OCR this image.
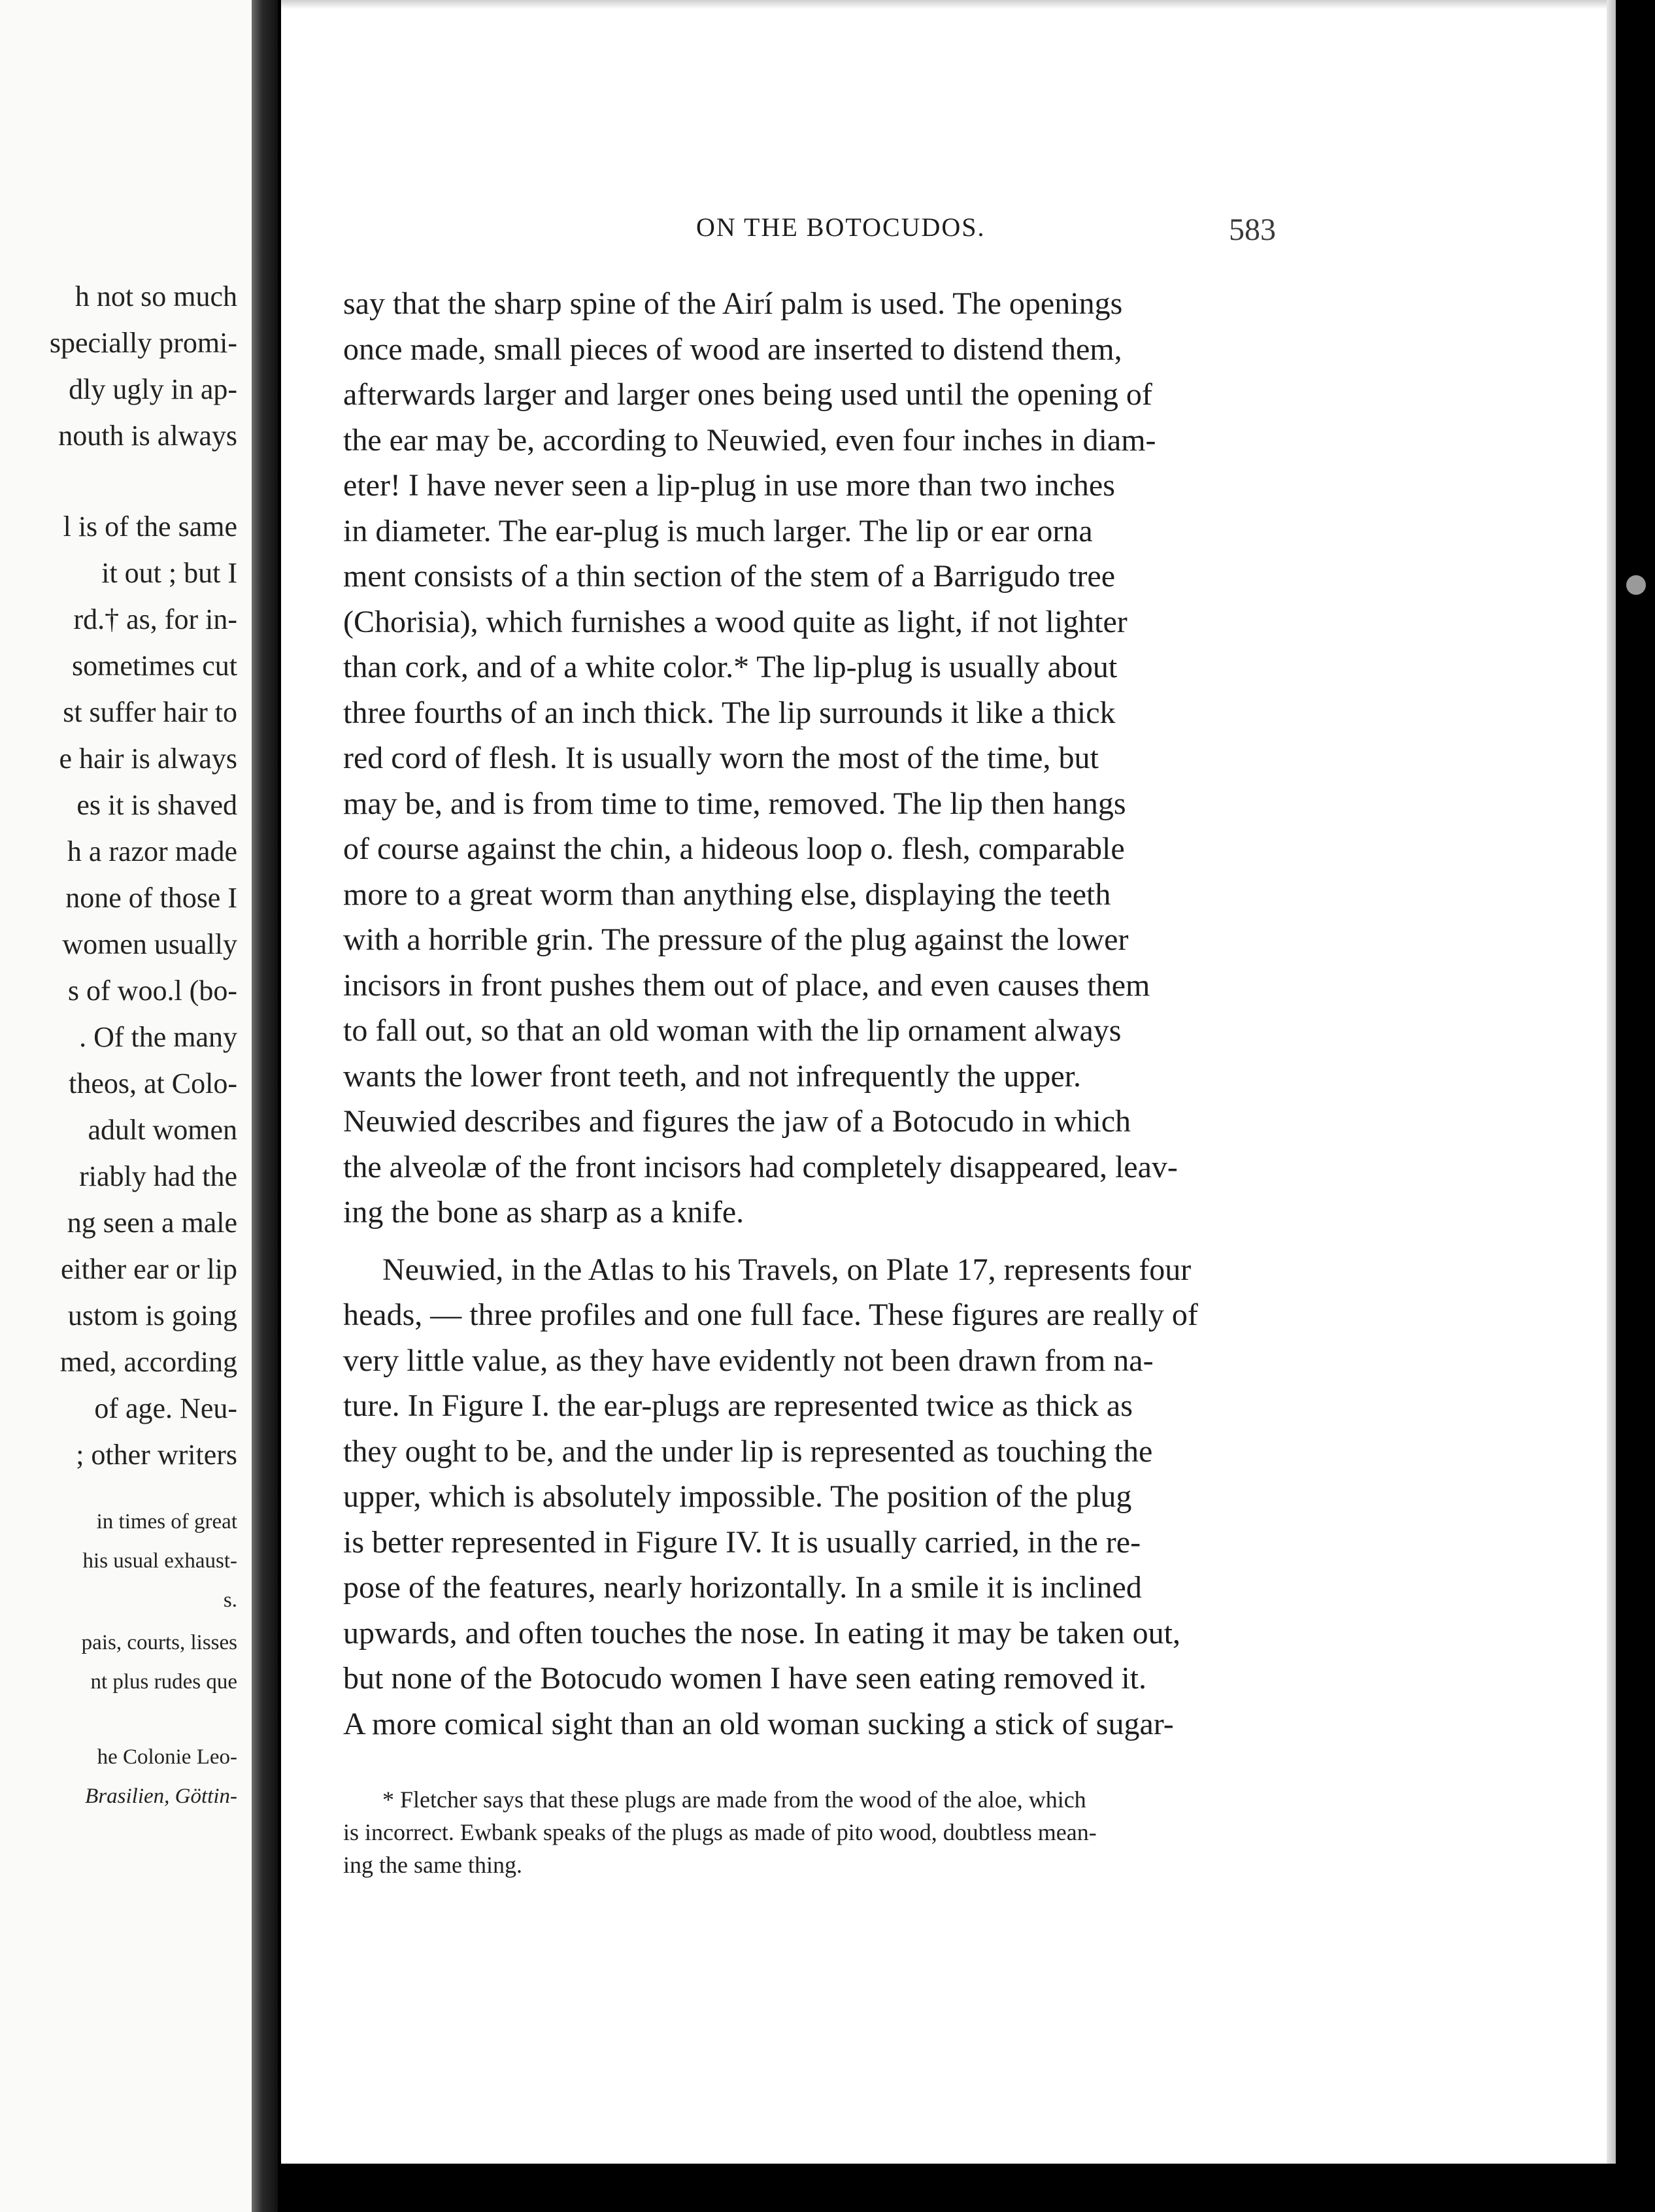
h not so much
specially promi-
dly ugly in ap-
nouth is always
l is of the same
it out ; but I
rd.† as, for in-
sometimes cut
st suffer hair to
e hair is always
es it is shaved
h a razor made
none of those I
women usually
s of woo.l (bo-
. Of the many
theos, at Colo-
adult women
riably had the
ng seen a male
either ear or lip
ustom is going
med, according
of age. Neu-
; other writers
in times of great
his usual exhaust-
s.
pais, courts, lisses
nt plus rudes que
he Colonie Leo-
Brasilien, Göttin-
ON THE BOTOCUDOS.	583
say that the sharp spine of the Airí palm is used. The openings
once made, small pieces of wood are inserted to distend them,
afterwards larger and larger ones being used until the opening of
the ear may be, according to Neuwied, even four inches in diam-
eter! I have never seen a lip-plug in use more than two inches
in diameter. The ear-plug is much larger. The lip or ear orna
ment consists of a thin section of the stem of a Barrigudo tree
(Chorisia), which furnishes a wood quite as light, if not lighter
than cork, and of a white color.* The lip-plug is usually about
three fourths of an inch thick. The lip surrounds it like a thick
red cord of flesh. It is usually worn the most of the time, but
may be, and is from time to time, removed. The lip then hangs
of course against the chin, a hideous loop o. flesh, comparable
more to a great worm than anything else, displaying the teeth
with a horrible grin. The pressure of the plug against the lower
incisors in front pushes them out of place, and even causes them
to fall out, so that an old woman with the lip ornament always
wants the lower front teeth, and not infrequently the upper.
Neuwied describes and figures the jaw of a Botocudo in which
the alveolæ of the front incisors had completely disappeared, leav-
ing the bone as sharp as a knife.
Neuwied, in the Atlas to his Travels, on Plate 17, represents four
heads, — three profiles and one full face. These figures are really of
very little value, as they have evidently not been drawn from na-
ture. In Figure I. the ear-plugs are represented twice as thick as
they ought to be, and the under lip is represented as touching the
upper, which is absolutely impossible. The position of the plug
is better represented in Figure IV. It is usually carried, in the re-
pose of the features, nearly horizontally. In a smile it is inclined
upwards, and often touches the nose. In eating it may be taken out,
but none of the Botocudo women I have seen eating removed it.
A more comical sight than an old woman sucking a stick of sugar-
* Fletcher says that these plugs are made from the wood of the aloe, which
is incorrect. Ewbank speaks of the plugs as made of pito wood, doubtless mean-
ing the same thing.
